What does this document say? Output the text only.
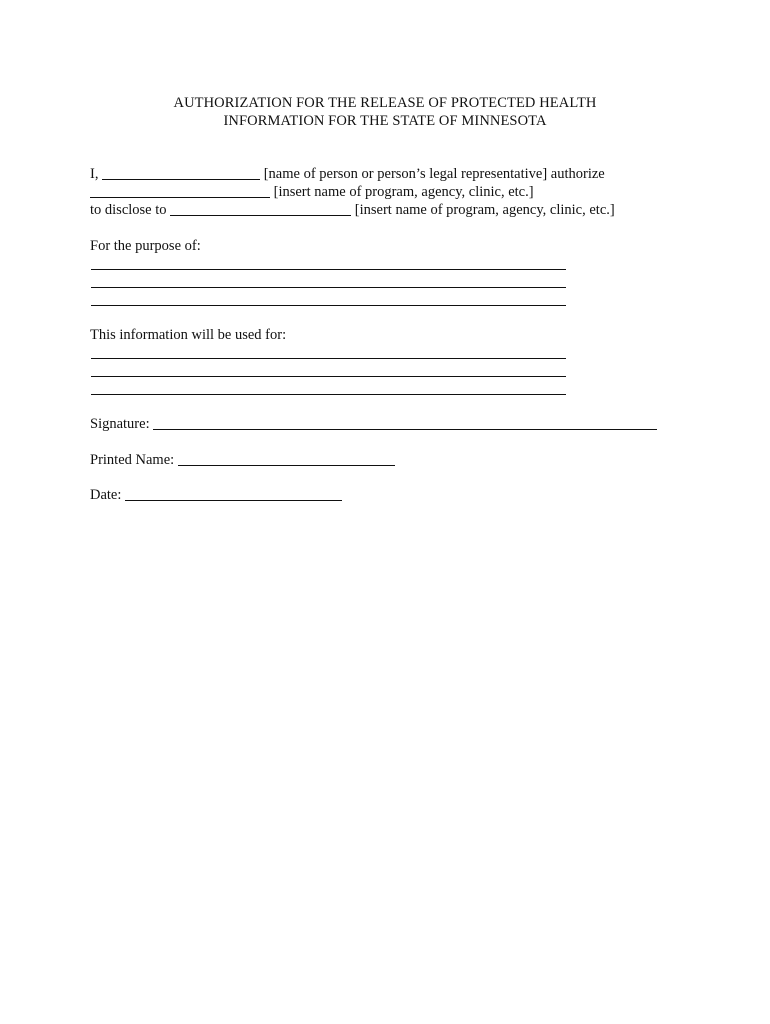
AUTHORIZATION FOR THE RELEASE OF PROTECTED HEALTH
INFORMATION FOR THE STATE OF MINNESOTA
I,	[name of person or person’s legal representative] authorize
[insert name of program, agency, clinic, etc.]
to disclose to	[insert name of program, agency, clinic, etc.]
For the purpose of:
This information will be used for:
Signature:
Printed Name:
Date:
